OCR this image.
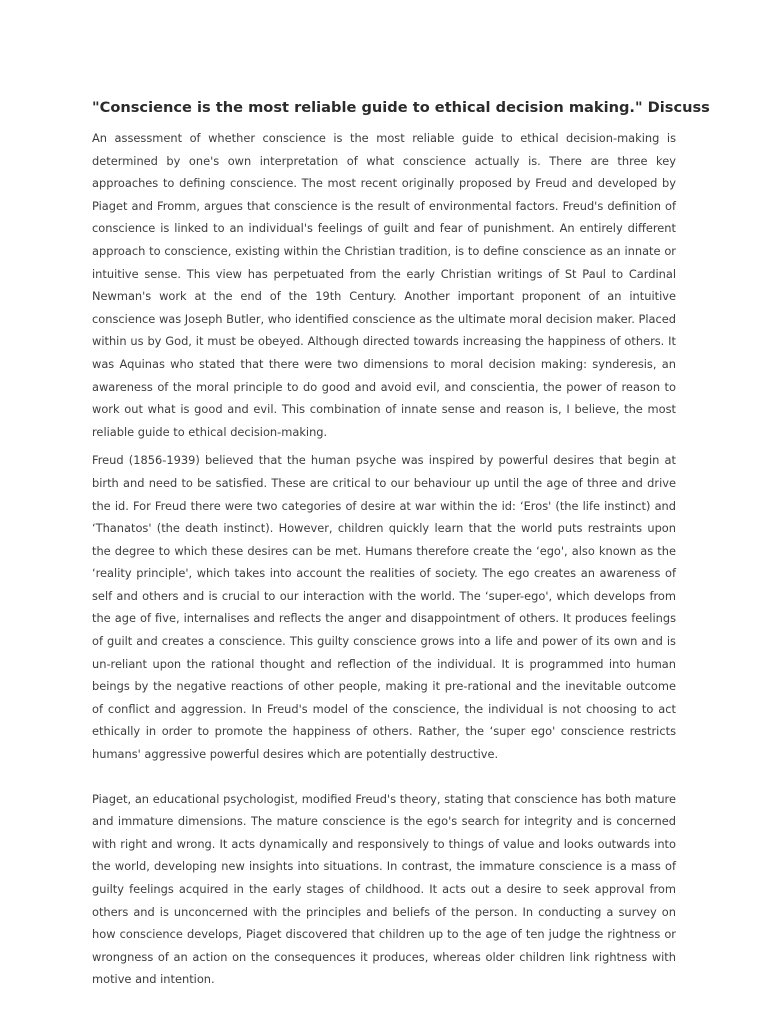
"Conscience is the most reliable guide to ethical decision making." Discuss

An assessment of whether conscience is the most reliable guide to ethical decision-making is determined by one's own interpretation of what conscience actually is. There are three key approaches to defining conscience. The most recent originally proposed by Freud and developed by Piaget and Fromm, argues that conscience is the result of environmental factors. Freud's definition of conscience is linked to an individual's feelings of guilt and fear of punishment. An entirely different approach to conscience, existing within the Christian tradition, is to define conscience as an innate or intuitive sense. This view has perpetuated from the early Christian writings of St Paul to Cardinal Newman's work at the end of the 19th Century. Another important proponent of an intuitive conscience was Joseph Butler, who identified conscience as the ultimate moral decision maker. Placed within us by God, it must be obeyed. Although directed towards increasing the happiness of others. It was Aquinas who stated that there were two dimensions to moral decision making: synderesis, an awareness of the moral principle to do good and avoid evil, and conscientia, the power of reason to work out what is good and evil. This combination of innate sense and reason is, I believe, the most reliable guide to ethical decision-making.

Freud (1856-1939) believed that the human psyche was inspired by powerful desires that begin at birth and need to be satisfied. These are critical to our behaviour up until the age of three and drive the id. For Freud there were two categories of desire at war within the id: ‘Eros' (the life instinct) and ‘Thanatos' (the death instinct). However, children quickly learn that the world puts restraints upon the degree to which these desires can be met. Humans therefore create the ‘ego', also known as the ‘reality principle', which takes into account the realities of society. The ego creates an awareness of self and others and is crucial to our interaction with the world. The ‘super-ego', which develops from the age of five, internalises and reflects the anger and disappointment of others. It produces feelings of guilt and creates a conscience. This guilty conscience grows into a life and power of its own and is un-reliant upon the rational thought and reflection of the individual. It is programmed into human beings by the negative reactions of other people, making it pre-rational and the inevitable outcome of conflict and aggression. In Freud's model of the conscience, the individual is not choosing to act ethically in order to promote the happiness of others. Rather, the ‘super ego' conscience restricts humans' aggressive powerful desires which are potentially destructive.

Piaget, an educational psychologist, modified Freud's theory, stating that conscience has both mature and immature dimensions. The mature conscience is the ego's search for integrity and is concerned with right and wrong. It acts dynamically and responsively to things of value and looks outwards into the world, developing new insights into situations. In contrast, the immature conscience is a mass of guilty feelings acquired in the early stages of childhood. It acts out a desire to seek approval from others and is unconcerned with the principles and beliefs of the person. In conducting a survey on how conscience develops, Piaget discovered that children up to the age of ten judge the rightness or wrongness of an action on the consequences it produces, whereas older children link rightness with motive and intention.
